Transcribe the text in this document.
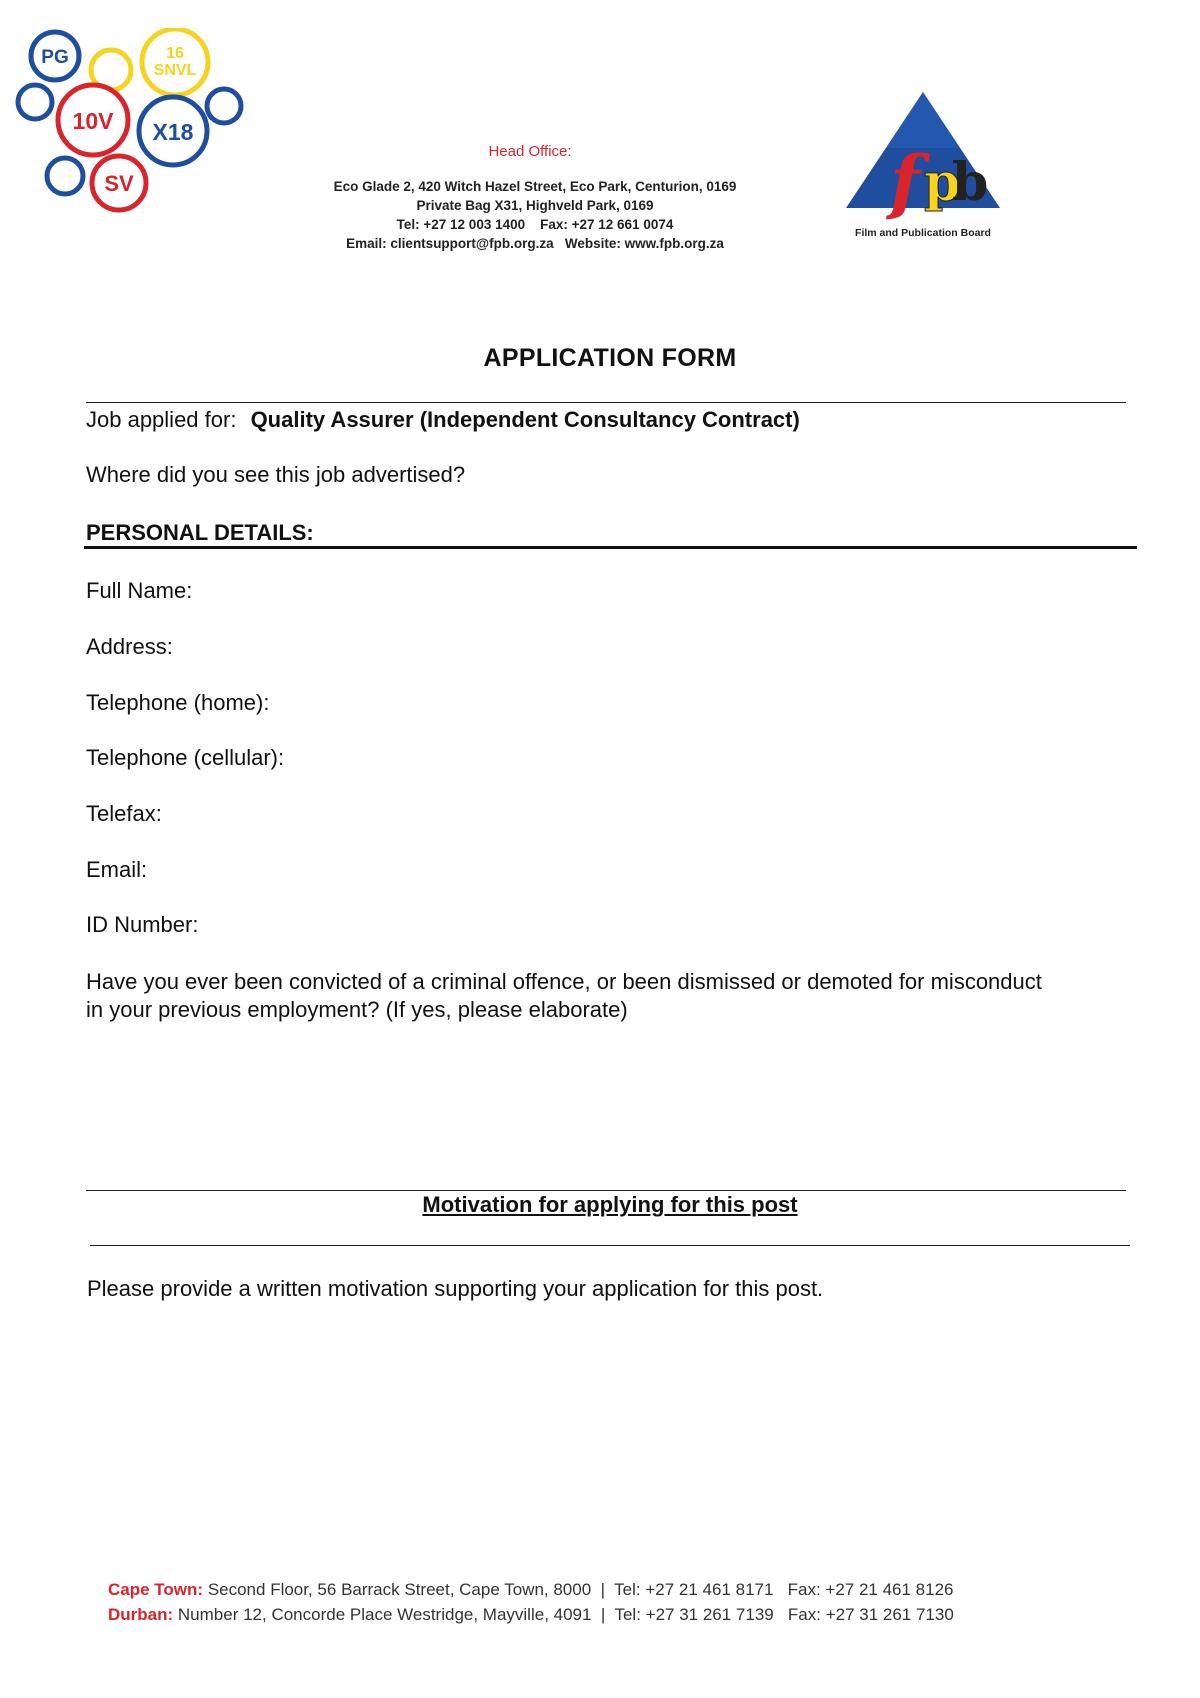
PG	16
SNVL
10V X18
SV
Head Office:
Eco Glade 2, 420 Witch Hazel Street, Eco Park, Centurion, 0169
Private Bag X31, Highveld Park, 0169
Tel: +27 12 003 1400    Fax: +27 12 661 0074
Email: clientsupport@fpb.org.za   Website: www.fpb.org.za
f p
b
Film and Publication Board
APPLICATION FORM
Job applied for: Quality Assurer (Independent Consultancy Contract)
Where did you see this job advertised?
PERSONAL DETAILS:
Full Name:
Address:
Telephone (home):
Telephone (cellular):
Telefax:
Email:
ID Number:
Have you ever been convicted of a criminal offence, or been dismissed or demoted for misconduct
in your previous employment? (If yes, please elaborate)
Motivation for applying for this post
Please provide a written motivation supporting your application for this post.
Cape Town: Second Floor, 56 Barrack Street, Cape Town, 8000  |  Tel: +27 21 461 8171   Fax: +27 21 461 8126
Durban: Number 12, Concorde Place Westridge, Mayville, 4091  |  Tel: +27 31 261 7139   Fax: +27 31 261 7130
